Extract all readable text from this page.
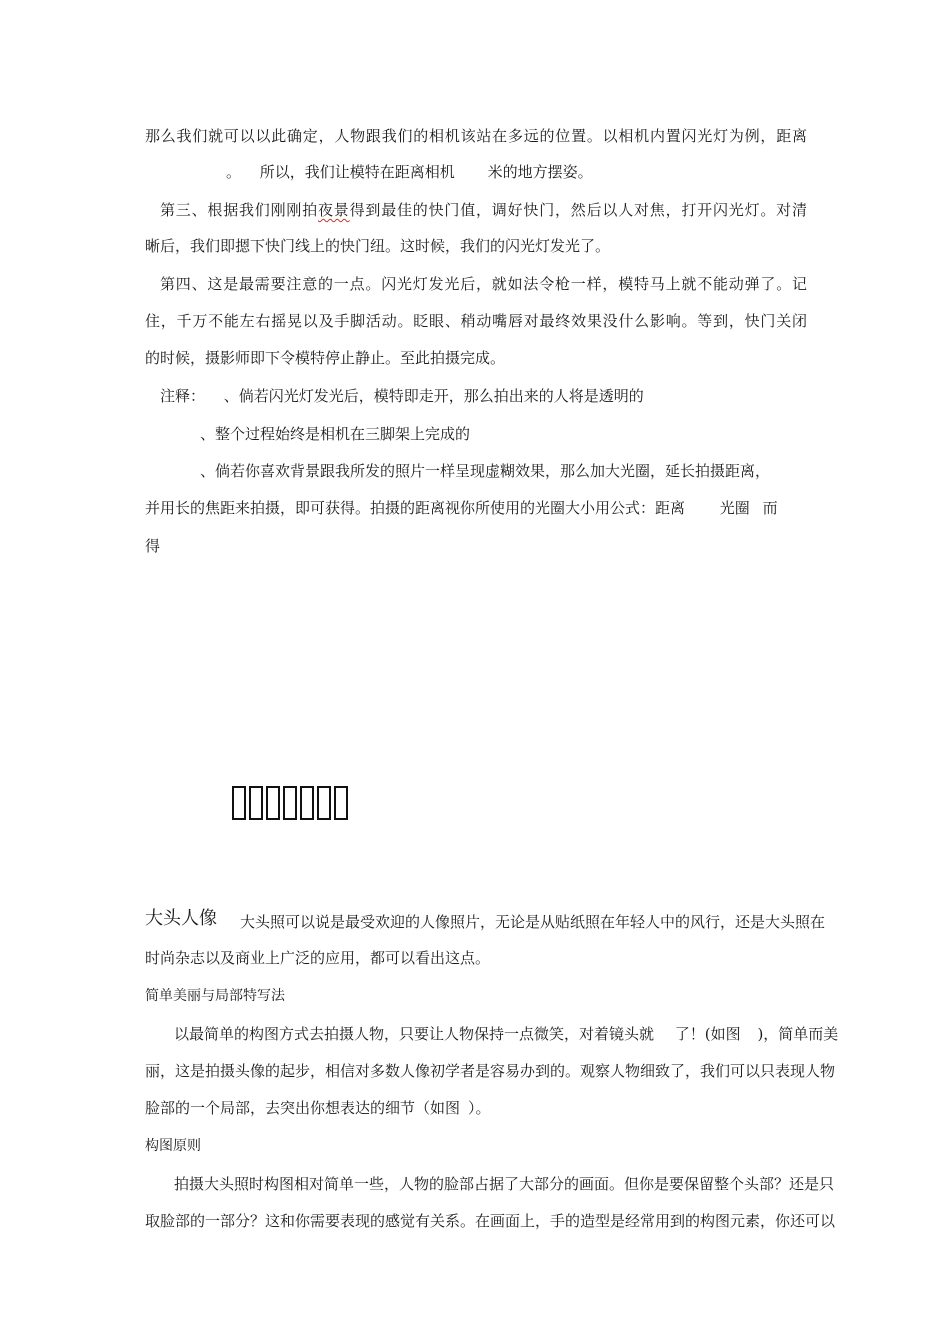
那么我们就可以以此确定，人物跟我们的相机该站在多远的位置。以相机内置闪光灯为例，距离
。 所以，我们让模特在距离相机 米的地方摆姿。
第三、根据我们刚刚拍夜景得到最佳的快门值，调好快门，然后以人对焦，打开闪光灯。对清
晰后，我们即摁下快门线上的快门纽。这时候，我们的闪光灯发光了。
第四、这是最需要注意的一点。闪光灯发光后，就如法令枪一样，模特马上就不能动弹了。记
住，千万不能左右摇晃以及手脚活动。眨眼、稍动嘴唇对最终效果没什么影响。等到，快门关闭
的时候，摄影师即下令模特停止静止。至此拍摄完成。
注释： 、倘若闪光灯发光后，模特即走开，那么拍出来的人将是透明的
、整个过程始终是相机在三脚架上完成的
、倘若你喜欢背景跟我所发的照片一样呈现虚糊效果，那么加大光圈，延长拍摄距离，
并用长的焦距来拍摄，即可获得。拍摄的距离视你所使用的光圈大小用公式：距离 光圈 而
得
大头人像 大头照可以说是最受欢迎的人像照片，无论是从贴纸照在年轻人中的风行，还是大头照在
时尚杂志以及商业上广泛的应用，都可以看出这点。
简单美丽与局部特写法
以最简单的构图方式去拍摄人物，只要让人物保持一点微笑，对着镜头就 了！(如图 )，简单而美
丽，这是拍摄头像的起步，相信对多数人像初学者是容易办到的。观察人物细致了，我们可以只表现人物
脸部的一个局部，去突出你想表达的细节（如图 ）。
构图原则
拍摄大头照时构图相对简单一些，人物的脸部占据了大部分的画面。但你是要保留整个头部？还是只
取脸部的一部分？这和你需要表现的感觉有关系。在画面上，手的造型是经常用到的构图元素，你还可以
